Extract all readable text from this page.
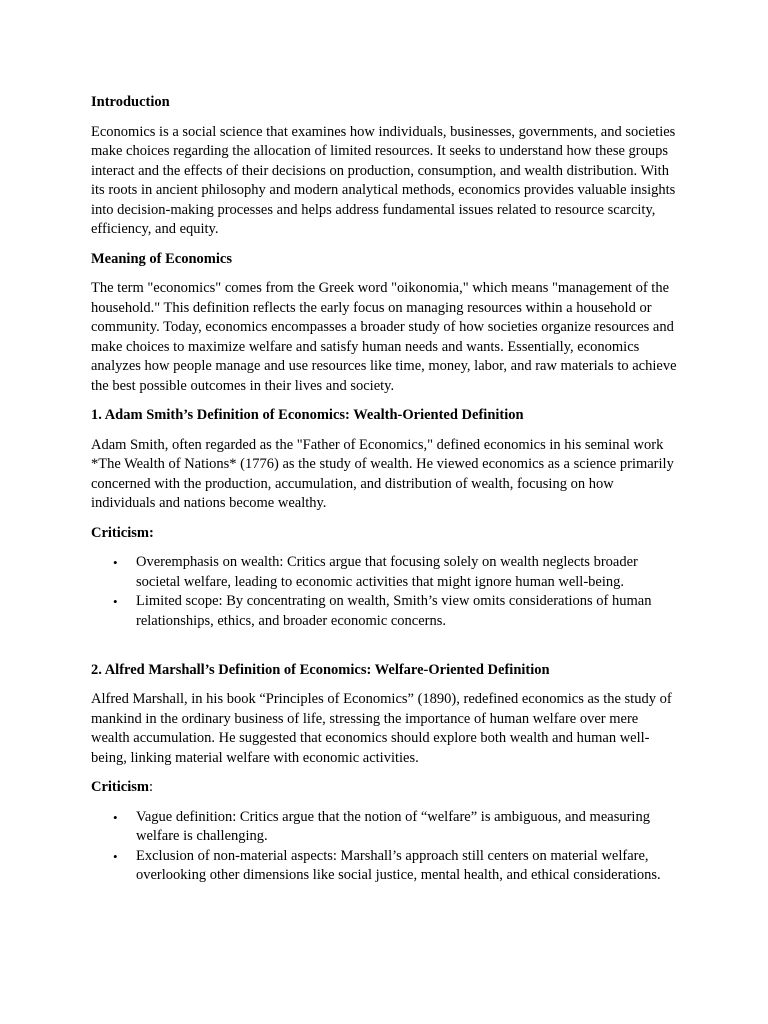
Introduction

Economics is a social science that examines how individuals, businesses, governments, and societies make choices regarding the allocation of limited resources. It seeks to understand how these groups interact and the effects of their decisions on production, consumption, and wealth distribution. With its roots in ancient philosophy and modern analytical methods, economics provides valuable insights into decision-making processes and helps address fundamental issues related to resource scarcity, efficiency, and equity.

Meaning of Economics

The term "economics" comes from the Greek word "oikonomia," which means "management of the household." This definition reflects the early focus on managing resources within a household or community. Today, economics encompasses a broader study of how societies organize resources and make choices to maximize welfare and satisfy human needs and wants. Essentially, economics analyzes how people manage and use resources like time, money, labor, and raw materials to achieve the best possible outcomes in their lives and society.

1. Adam Smith’s Definition of Economics: Wealth-Oriented Definition

Adam Smith, often regarded as the "Father of Economics," defined economics in his seminal work *The Wealth of Nations* (1776) as the study of wealth. He viewed economics as a science primarily concerned with the production, accumulation, and distribution of wealth, focusing on how individuals and nations become wealthy.

Criticism:
• Overemphasis on wealth: Critics argue that focusing solely on wealth neglects broader societal welfare, leading to economic activities that might ignore human well-being.
• Limited scope: By concentrating on wealth, Smith’s view omits considerations of human relationships, ethics, and broader economic concerns.
2. Alfred Marshall’s Definition of Economics: Welfare-Oriented Definition

Alfred Marshall, in his book “Principles of Economics” (1890), redefined economics as the study of mankind in the ordinary business of life, stressing the importance of human welfare over mere wealth accumulation. He suggested that economics should explore both wealth and human well-being, linking material welfare with economic activities.

Criticism:
• Vague definition: Critics argue that the notion of “welfare” is ambiguous, and measuring welfare is challenging.
• Exclusion of non-material aspects: Marshall’s approach still centers on material welfare, overlooking other dimensions like social justice, mental health, and ethical considerations.
